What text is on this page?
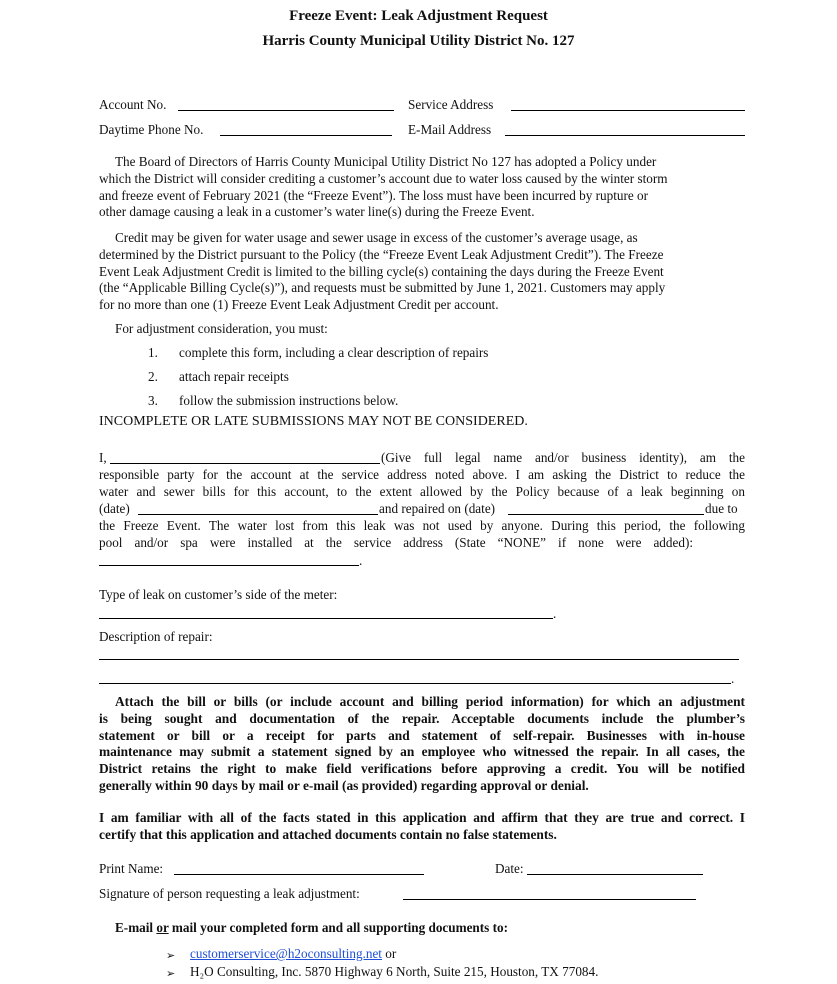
Freeze Event: Leak Adjustment Request
Harris County Municipal Utility District No. 127
Account No.	Service Address
Daytime Phone No.	E-Mail Address
The Board of Directors of Harris County Municipal Utility District No 127 has adopted a Policy under
which the District will consider crediting a customer’s account due to water loss caused by the winter storm
and freeze event of February 2021 (the “Freeze Event”). The loss must have been incurred by rupture or
other damage causing a leak in a customer’s water line(s) during the Freeze Event.
Credit may be given for water usage and sewer usage in excess of the customer’s average usage, as
determined by the District pursuant to the Policy (the “Freeze Event Leak Adjustment Credit”). The Freeze
Event Leak Adjustment Credit is limited to the billing cycle(s) containing the days during the Freeze Event
(the “Applicable Billing Cycle(s)”), and requests must be submitted by June 1, 2021. Customers may apply
for no more than one (1) Freeze Event Leak Adjustment Credit per account.
For adjustment consideration, you must:
1. complete this form, including a clear description of repairs
2. attach repair receipts
3. follow the submission instructions below.
INCOMPLETE OR LATE SUBMISSIONS MAY NOT BE CONSIDERED.
I,	(Give full legal name and/or business identity), am the
responsible party for the account at the service address noted above. I am asking the District to reduce the
water and sewer bills for this account, to the extent allowed by the Policy because of a leak beginning on
(date)	and repaired on (date)	due to
the Freeze Event. The water lost from this leak was not used by anyone. During this period, the following
pool and/or spa were installed at the service address (State “NONE” if none were added):
.
Type of leak on customer’s side of the meter:
.
Description of repair:
.
Attach the bill or bills (or include account and billing period information) for which an adjustment
is being sought and documentation of the repair. Acceptable documents include the plumber’s
statement or bill or a receipt for parts and statement of self-repair. Businesses with in-house
maintenance may submit a statement signed by an employee who witnessed the repair. In all cases, the
District retains the right to make field verifications before approving a credit. You will be notified
generally within 90 days by mail or e-mail (as provided) regarding approval or denial.
I am familiar with all of the facts stated in this application and affirm that they are true and correct. I
certify that this application and attached documents contain no false statements.
Print Name:	Date:
Signature of person requesting a leak adjustment:
E-mail or mail your completed form and all supporting documents to:
➢ customerservice@h2oconsulting.net or
➢ H₂O Consulting, Inc. 5870 Highway 6 North, Suite 215, Houston, TX 77084.
